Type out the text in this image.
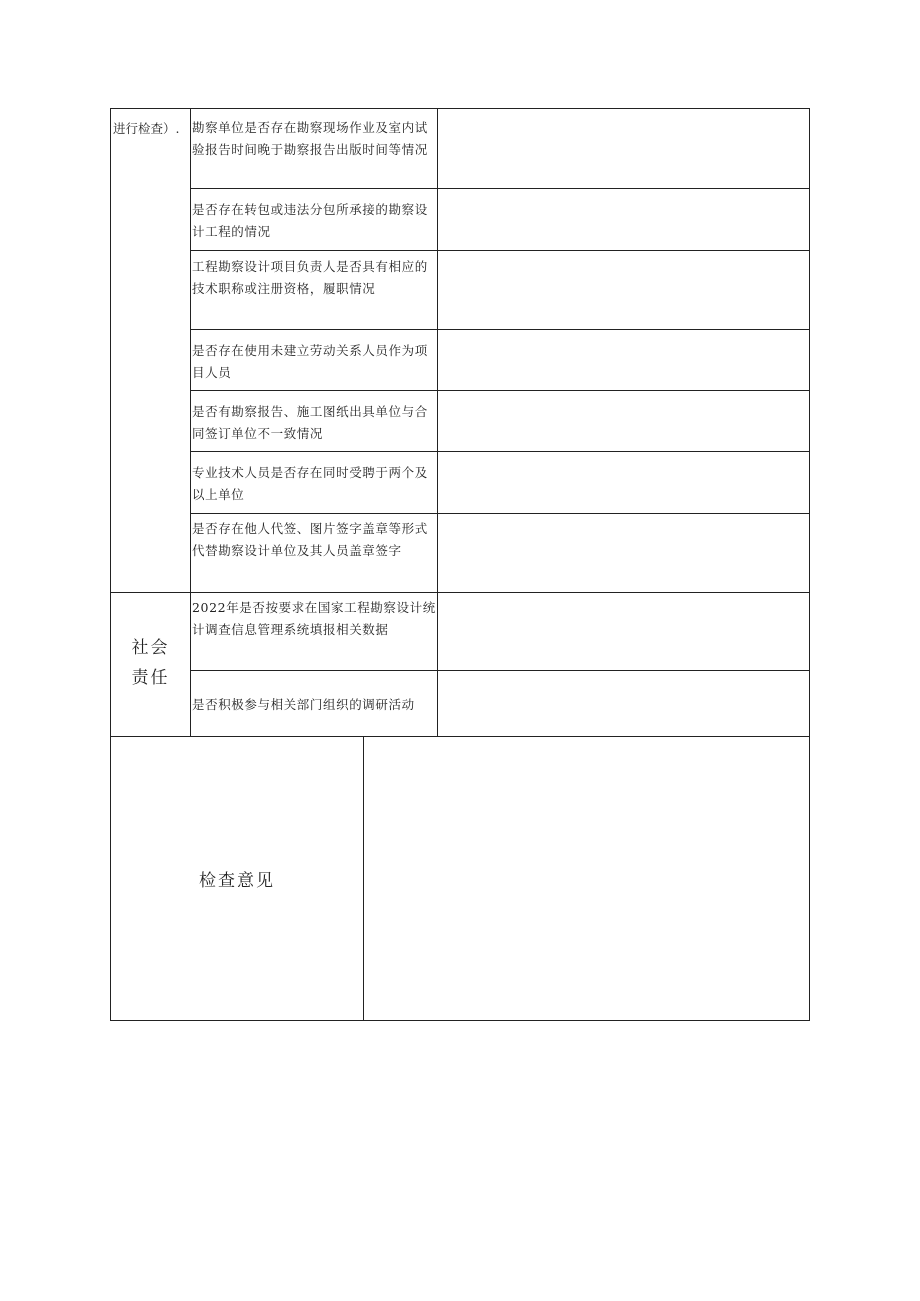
进行检查）.	勘察单位是否存在勘察现场作业及室内试验报告时间晚于勘察报告出版时间等情况
是否存在转包或违法分包所承接的勘察设计工程的情况
工程勘察设计项目负责人是否具有相应的技术职称或注册资格，履职情况
是否存在使用未建立劳动关系人员作为项目人员
是否有勘察报告、施工图纸出具单位与合同签订单位不一致情况
专业技术人员是否存在同时受聘于两个及以上单位
是否存在他人代签、图片签字盖章等形式代替勘察设计单位及其人员盖章签字
社会
责任
2022年是否按要求在国家工程勘察设计统计调查信息管理系统填报相关数据
是否积极参与相关部门组织的调研活动
检查意见
